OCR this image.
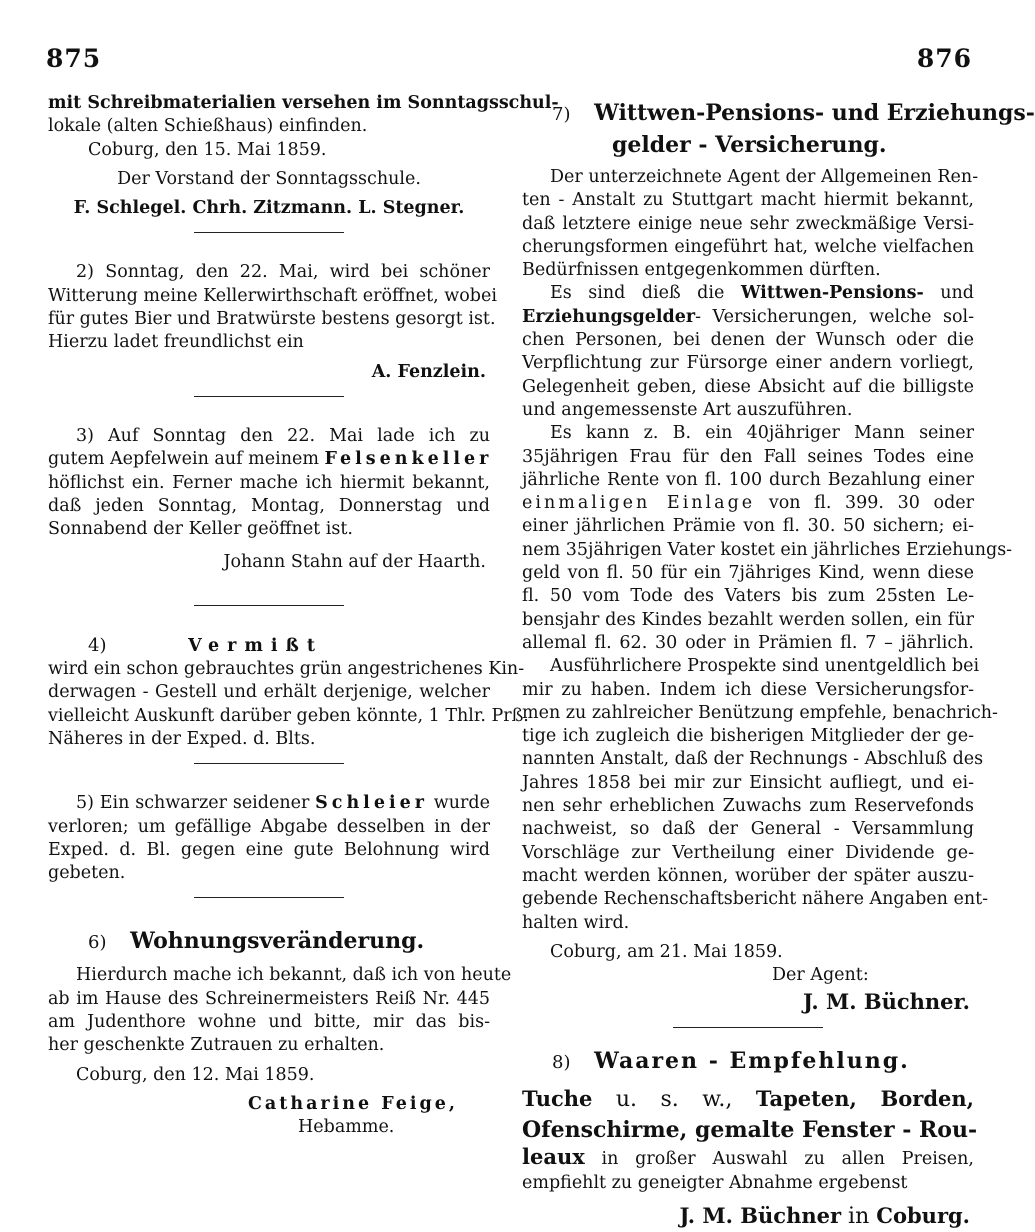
875	876
mit Schreibmaterialien versehen im Sonntagsschul-
lokale (alten Schießhaus) einfinden.
Coburg, den 15. Mai 1859.
Der Vorstand der Sonntagsschule.
F. Schlegel. Chrh. Zitzmann. L. Stegner.
2) Sonntag, den 22. Mai, wird bei schöner
Witterung meine Kellerwirthschaft eröffnet, wobei
für gutes Bier und Bratwürste bestens gesorgt ist.
Hierzu ladet freundlichst ein
A. Fenzlein.
3) Auf Sonntag den 22. Mai lade ich zu
gutem Aepfelwein auf meinem Felsenkeller
höflichst ein. Ferner mache ich hiermit bekannt,
daß jeden Sonntag, Montag, Donnerstag und
Sonnabend der Keller geöffnet ist.
Johann Stahn auf der Haarth.
4)	Vermißt
wird ein schon gebrauchtes grün angestrichenes Kin-
derwagen - Gestell und erhält derjenige, welcher
vielleicht Auskunft darüber geben könnte, 1 Thlr. Prß.
Näheres in der Exped. d. Blts.
5) Ein schwarzer seidener Schleier wurde
verloren; um gefällige Abgabe desselben in der
Exped. d. Bl. gegen eine gute Belohnung wird
gebeten.
6) Wohnungsveränderung.
Hierdurch mache ich bekannt, daß ich von heute
ab im Hause des Schreinermeisters Reiß Nr. 445
am Judenthore wohne und bitte, mir das bis-
her geschenkte Zutrauen zu erhalten.
Coburg, den 12. Mai 1859.
Catharine Feige,
Hebamme.
7) Wittwen-Pensions- und Erziehungs-
gelder - Versicherung.
Der unterzeichnete Agent der Allgemeinen Ren-
ten - Anstalt zu Stuttgart macht hiermit bekannt,
daß letztere einige neue sehr zweckmäßige Versi-
cherungsformen eingeführt hat, welche vielfachen
Bedürfnissen entgegenkommen dürften.
Es sind dieß die Wittwen-Pensions- und
Erziehungsgelder- Versicherungen, welche sol-
chen Personen, bei denen der Wunsch oder die
Verpflichtung zur Fürsorge einer andern vorliegt,
Gelegenheit geben, diese Absicht auf die billigste
und angemessenste Art auszuführen.
Es kann z. B. ein 40jähriger Mann seiner
35jährigen Frau für den Fall seines Todes eine
jährliche Rente von fl. 100 durch Bezahlung einer
einmaligen Einlage von fl. 399. 30 oder
einer jährlichen Prämie von fl. 30. 50 sichern; ei-
nem 35jährigen Vater kostet ein jährliches Erziehungs-
geld von fl. 50 für ein 7jähriges Kind, wenn diese
fl. 50 vom Tode des Vaters bis zum 25sten Le-
bensjahr des Kindes bezahlt werden sollen, ein für
allemal fl. 62. 30 oder in Prämien fl. 7 – jährlich.
Ausführlichere Prospekte sind unentgeldlich bei
mir zu haben. Indem ich diese Versicherungsfor-
men zu zahlreicher Benützung empfehle, benachrich-
tige ich zugleich die bisherigen Mitglieder der ge-
nannten Anstalt, daß der Rechnungs - Abschluß des
Jahres 1858 bei mir zur Einsicht aufliegt, und ei-
nen sehr erheblichen Zuwachs zum Reservefonds
nachweist, so daß der General - Versammlung
Vorschläge zur Vertheilung einer Dividende ge-
macht werden können, worüber der später auszu-
gebende Rechenschaftsbericht nähere Angaben ent-
halten wird.
Coburg, am 21. Mai 1859.
Der Agent:
J. M. Büchner.
8) Waaren - Empfehlung.
Tuche u. s. w., Tapeten, Borden,
Ofenschirme, gemalte Fenster - Rou-
leaux in großer Auswahl zu allen Preisen,
empfiehlt zu geneigter Abnahme ergebenst
J. M. Büchner in Coburg.
